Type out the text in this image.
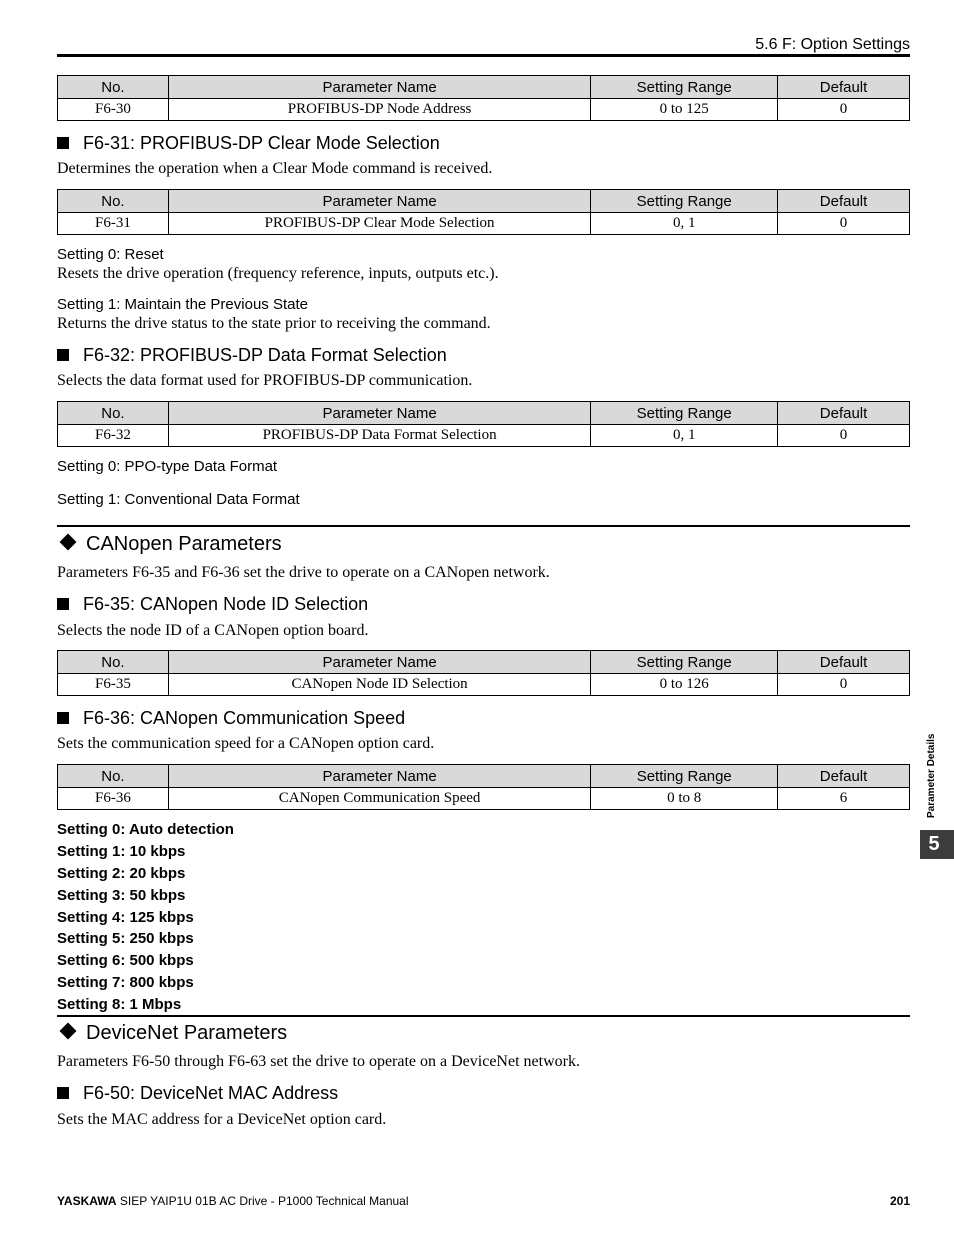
5.6 F: Option Settings
No.	Parameter Name	Setting Range	Default
F6-30	PROFIBUS-DP Node Address	0 to 125	0
F6-31: PROFIBUS-DP Clear Mode Selection
Determines the operation when a Clear Mode command is received.
No.	Parameter Name	Setting Range	Default
F6-31	PROFIBUS-DP Clear Mode Selection	0, 1	0
Setting 0: Reset
Resets the drive operation (frequency reference, inputs, outputs etc.).
Setting 1: Maintain the Previous State
Returns the drive status to the state prior to receiving the command.
F6-32: PROFIBUS-DP Data Format Selection
Selects the data format used for PROFIBUS-DP communication.
No.	Parameter Name	Setting Range	Default
F6-32	PROFIBUS-DP Data Format Selection	0, 1	0
Setting 0: PPO-type Data Format
Setting 1: Conventional Data Format
CANopen Parameters
Parameters F6-35 and F6-36 set the drive to operate on a CANopen network.
F6-35: CANopen Node ID Selection
Selects the node ID of a CANopen option board.
No.	Parameter Name	Setting Range	Default
F6-35	CANopen Node ID Selection	0 to 126	0
F6-36: CANopen Communication Speed
Sets the communication speed for a CANopen option card.
No.	Parameter Name	Setting Range	Default
F6-36	CANopen Communication Speed	0 to 8	6
Setting 0: Auto detection
Setting 1: 10 kbps
Setting 2: 20 kbps
Setting 3: 50 kbps
Setting 4: 125 kbps
Setting 5: 250 kbps
Setting 6: 500 kbps
Setting 7: 800 kbps
Setting 8: 1 Mbps
DeviceNet Parameters
Parameters F6-50 through F6-63 set the drive to operate on a DeviceNet network.
F6-50: DeviceNet MAC Address
Sets the MAC address for a DeviceNet option card.
Parameter Details
5
YASKAWA SIEP YAIP1U 01B AC Drive - P1000 Technical Manual	201
